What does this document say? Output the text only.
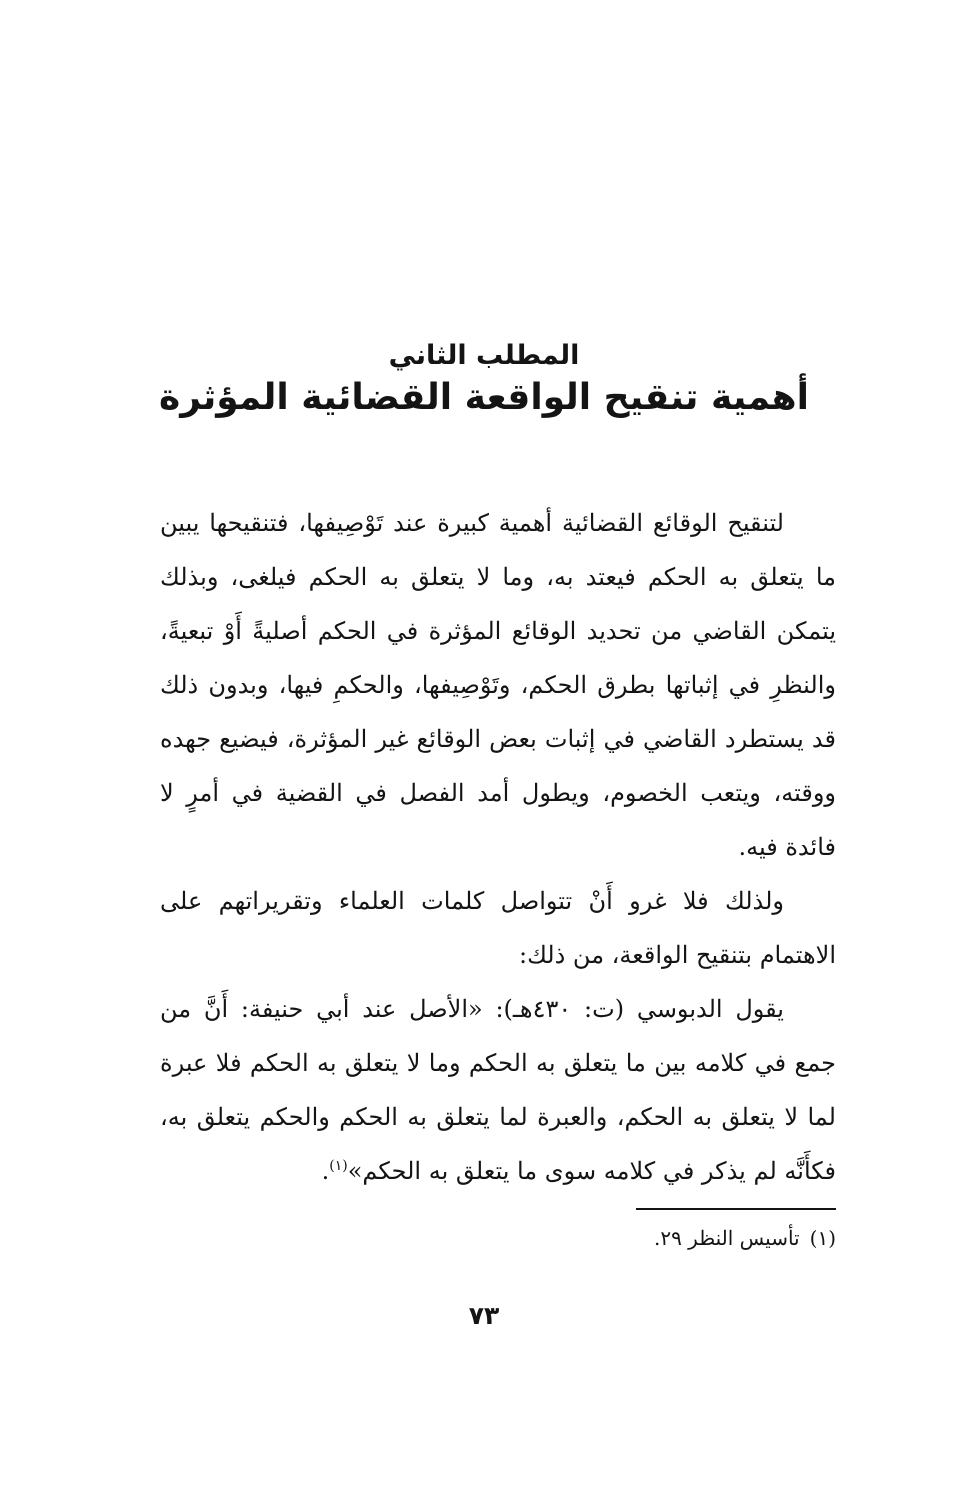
المطلب الثاني
أهمية تنقيح الواقعة القضائية المؤثرة

لتنقيح الوقائع القضائية أهمية كبيرة عند تَوْصِيفها، فتنقيحها يبين ما يتعلق به الحكم فيعتد به، وما لا يتعلق به الحكم فيلغى، وبذلك يتمكن القاضي من تحديد الوقائع المؤثرة في الحكم أصليةً أَوْ تبعيةً، والنظرِ في إثباتها بطرق الحكم، وتَوْصِيفها، والحكمِ فيها، وبدون ذلك قد يستطرد القاضي في إثبات بعض الوقائع غير المؤثرة، فيضيع جهده ووقته، ويتعب الخصوم، ويطول أمد الفصل في القضية في أمرٍ لا فائدة فيه.

ولذلك فلا غرو أَنْ تتواصل كلمات العلماء وتقريراتهم على الاهتمام بتنقيح الواقعة، من ذلك:

يقول الدبوسي (ت: ٤٣٠هـ): «الأصل عند أبي حنيفة: أَنَّ من جمع في كلامه بين ما يتعلق به الحكم وما لا يتعلق به الحكم فلا عبرة لما لا يتعلق به الحكم، والعبرة لما يتعلق به الحكم والحكم يتعلق به، فكأَنَّه لم يذكر في كلامه سوى ما يتعلق به الحكم»$^{(١)}$.

(١)تأسيس النظر ٢٩.
٧٣
